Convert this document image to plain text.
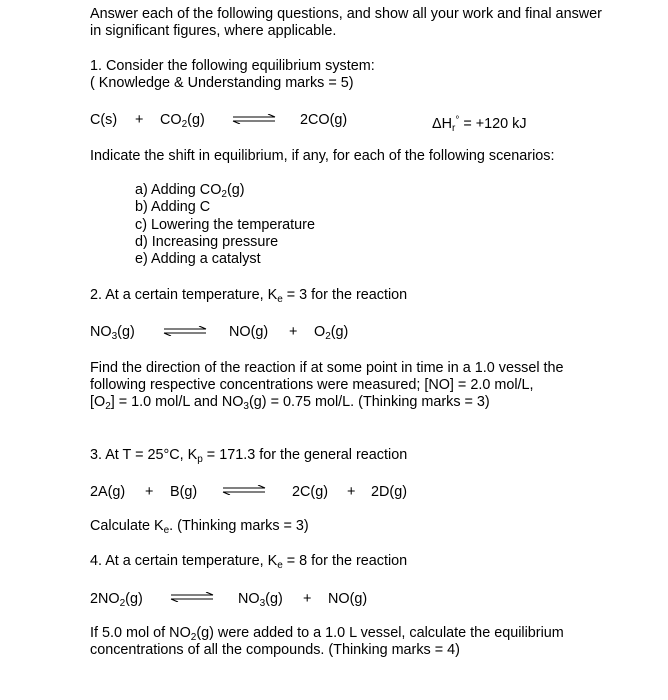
Answer each of the following questions, and show all your work and final answer
in significant figures, where applicable.
1. Consider the following equilibrium system:
( Knowledge & Understanding marks = 5)
$C(s) + CO_2(g)$	2CO(g)	$\Delta H_r^\circ = +120$ kJ
Indicate the shift in equilibrium, if any, for each of the following scenarios:
a) Adding $CO_2(g)$
b) Adding C
c) Lowering the temperature
d) Increasing pressure
e) Adding a catalyst
2. At a certain temperature, $K_e = 3$ for the reaction
$NO_3(g)$	$NO(g) + O_2(g)$
Find the direction of the reaction if at some point in time in a 1.0 vessel the
following respective concentrations were measured; [NO] = 2.0 mol/L,
$[O_2] = 1.0$ mol/L and $NO_3(g) = 0.75$ mol/L. (Thinking marks = 3)
3. At T = 25°C, $K_p = 171.3$ for the general reaction
2A(g) + B(g)	2C(g) + 2D(g)
Calculate $K_e$. (Thinking marks = 3)
4. At a certain temperature, $K_e = 8$ for the reaction
$2NO_2(g)$	$NO_3(g) + NO(g)$
If 5.0 mol of $NO_2(g)$ were added to a 1.0 L vessel, calculate the equilibrium
concentrations of all the compounds. (Thinking marks = 4)
